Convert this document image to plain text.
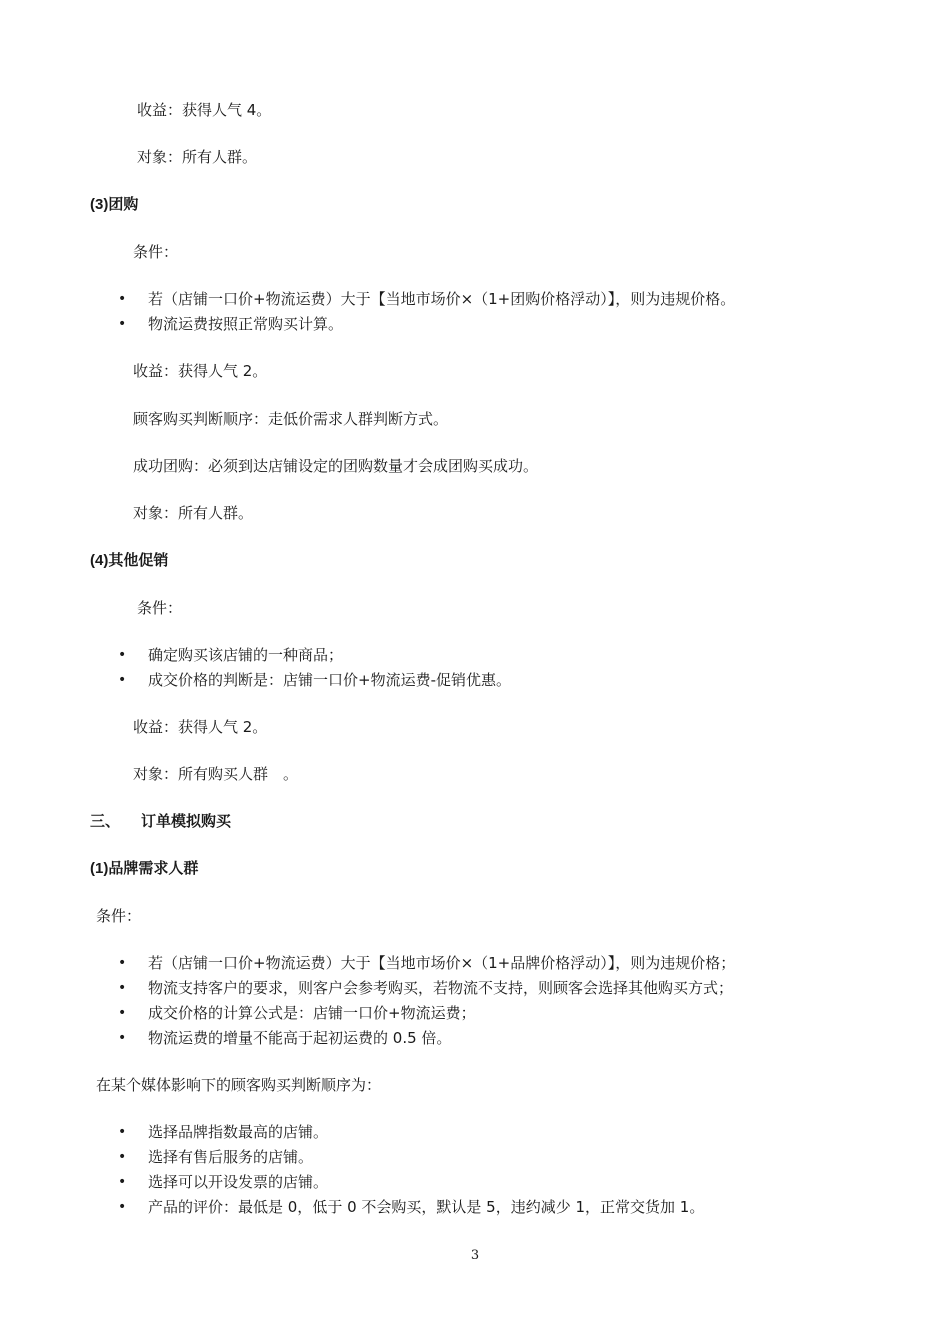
收益：获得人气 4。
对象：所有人群。
(3)团购
条件：
• 若（店铺一口价+物流运费）大于【当地市场价×（1+团购价格浮动）】，则为违规价格。
• 物流运费按照正常购买计算。
收益：获得人气 2。
顾客购买判断顺序：走低价需求人群判断方式。
成功团购：必须到达店铺设定的团购数量才会成团购买成功。
对象：所有人群。
(4)其他促销
条件：
• 确定购买该店铺的一种商品；
• 成交价格的判断是：店铺一口价+物流运费-促销优惠。
收益：获得人气 2。
对象：所有购买人群　。
三、 订单模拟购买
(1)品牌需求人群
条件：
• 若（店铺一口价+物流运费）大于【当地市场价×（1+品牌价格浮动）】，则为违规价格；
• 物流支持客户的要求，则客户会参考购买，若物流不支持，则顾客会选择其他购买方式；
• 成交价格的计算公式是：店铺一口价+物流运费；
• 物流运费的增量不能高于起初运费的 0.5 倍。
在某个媒体影响下的顾客购买判断顺序为：
• 选择品牌指数最高的店铺。
• 选择有售后服务的店铺。
• 选择可以开设发票的店铺。
• 产品的评价：最低是 0，低于 0 不会购买，默认是 5，违约减少 1，正常交货加 1。
3
